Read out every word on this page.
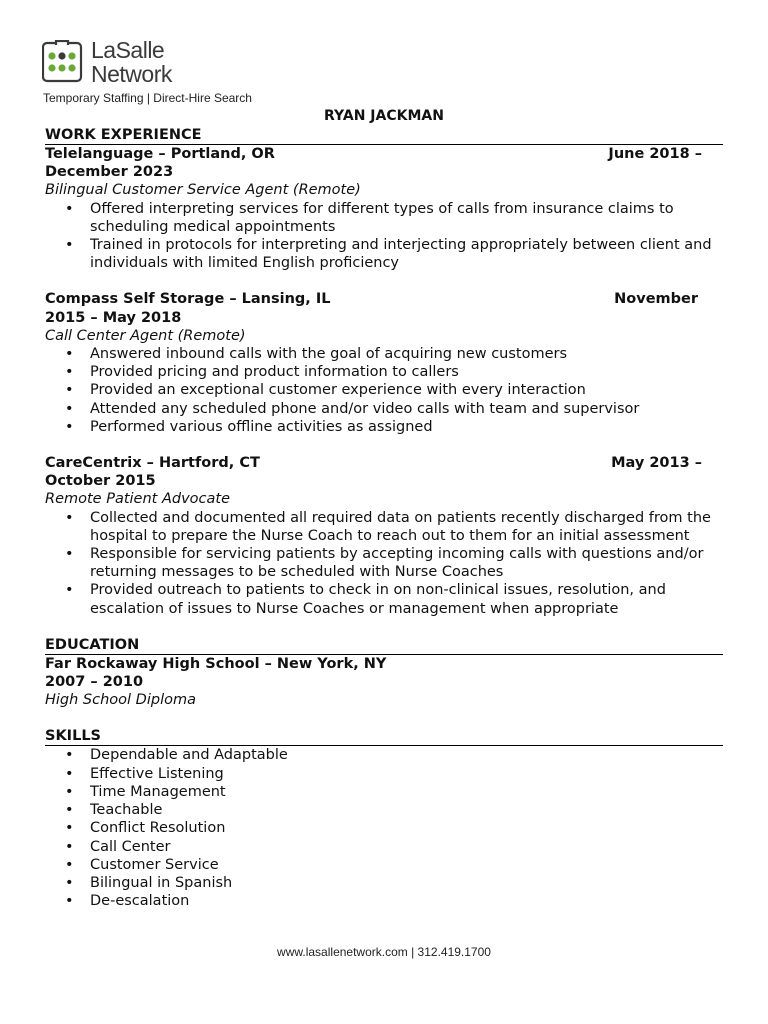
LaSalle
Network
Temporary Staffing | Direct-Hire Search
RYAN JACKMAN
WORK EXPERIENCE
Telelanguage – Portland, OR	June 2018 –
December 2023
Bilingual Customer Service Agent (Remote)
• Offered interpreting services for different types of calls from insurance claims to scheduling medical appointments
• Trained in protocols for interpreting and interjecting appropriately between client and individuals with limited English proficiency
Compass Self Storage – Lansing, IL	November
2015 – May 2018
Call Center Agent (Remote)
• Answered inbound calls with the goal of acquiring new customers
• Provided pricing and product information to callers
• Provided an exceptional customer experience with every interaction
• Attended any scheduled phone and/or video calls with team and supervisor
• Performed various offline activities as assigned
CareCentrix – Hartford, CT	May 2013 –
October 2015
Remote Patient Advocate
• Collected and documented all required data on patients recently discharged from the hospital to prepare the Nurse Coach to reach out to them for an initial assessment
• Responsible for servicing patients by accepting incoming calls with questions and/or returning messages to be scheduled with Nurse Coaches
• Provided outreach to patients to check in on non-clinical issues, resolution, and escalation of issues to Nurse Coaches or management when appropriate
EDUCATION
Far Rockaway High School – New York, NY
2007 – 2010
High School Diploma
SKILLS
• Dependable and Adaptable
• Effective Listening
• Time Management
• Teachable
• Conflict Resolution
• Call Center
• Customer Service
• Bilingual in Spanish
• De-escalation
www.lasallenetwork.com | 312.419.1700
